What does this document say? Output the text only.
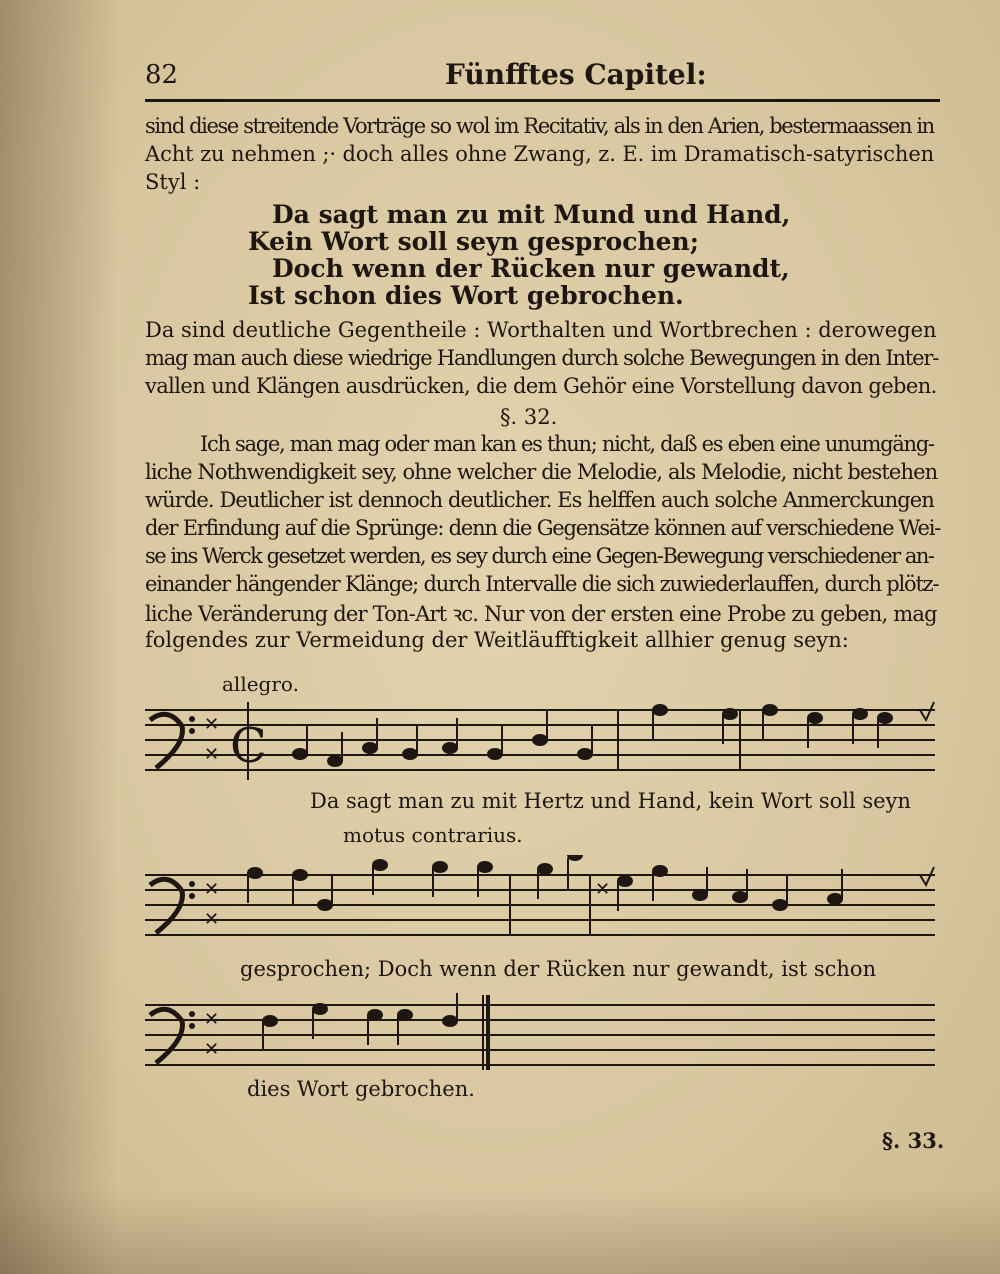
82	Fünfftes Capitel:
sind diese streitende Vorträge so wol im Recitativ, als in den Arien, bestermaassen in
Acht zu nehmen ;· doch alles ohne Zwang, z. E. im Dramatisch-satyrischen
Styl :
Da sagt man zu mit Mund und Hand,
Kein Wort soll seyn gesprochen;
Doch wenn der Rücken nur gewandt,
Ist schon dies Wort gebrochen.
Da sind deutliche Gegentheile : Worthalten und Wortbrechen : derowegen
mag man auch diese wiedrige Handlungen durch solche Bewegungen in den Inter-
vallen und Klängen ausdrücken, die dem Gehör eine Vorstellung davon geben.
§. 32.
Ich sage, man mag oder man kan es thun; nicht, daß es eben eine unumgäng-
liche Nothwendigkeit sey, ohne welcher die Melodie, als Melodie, nicht bestehen
würde. Deutlicher ist dennoch deutlicher. Es helffen auch solche Anmerckungen
der Erfindung auf die Sprünge: denn die Gegensätze können auf verschiedene Wei-
se ins Werck gesetzet werden, es sey durch eine Gegen-Bewegung verschiedener an-
einander hängender Klänge; durch Intervalle die sich zuwiederlauffen, durch plötz-
liche Veränderung der Ton-Art ꝛc. Nur von der ersten eine Probe zu geben, mag
folgendes zur Vermeidung der Weitläufftigkeit allhier genug seyn:
allegro.
✕
✕ C
Da sagt man zu mit Hertz und Hand, kein Wort soll seyn
motus contrarius.
✕
✕
✕
gesprochen; Doch wenn der Rücken nur gewandt, ist schon
✕
✕
dies Wort gebrochen.
§. 33.
